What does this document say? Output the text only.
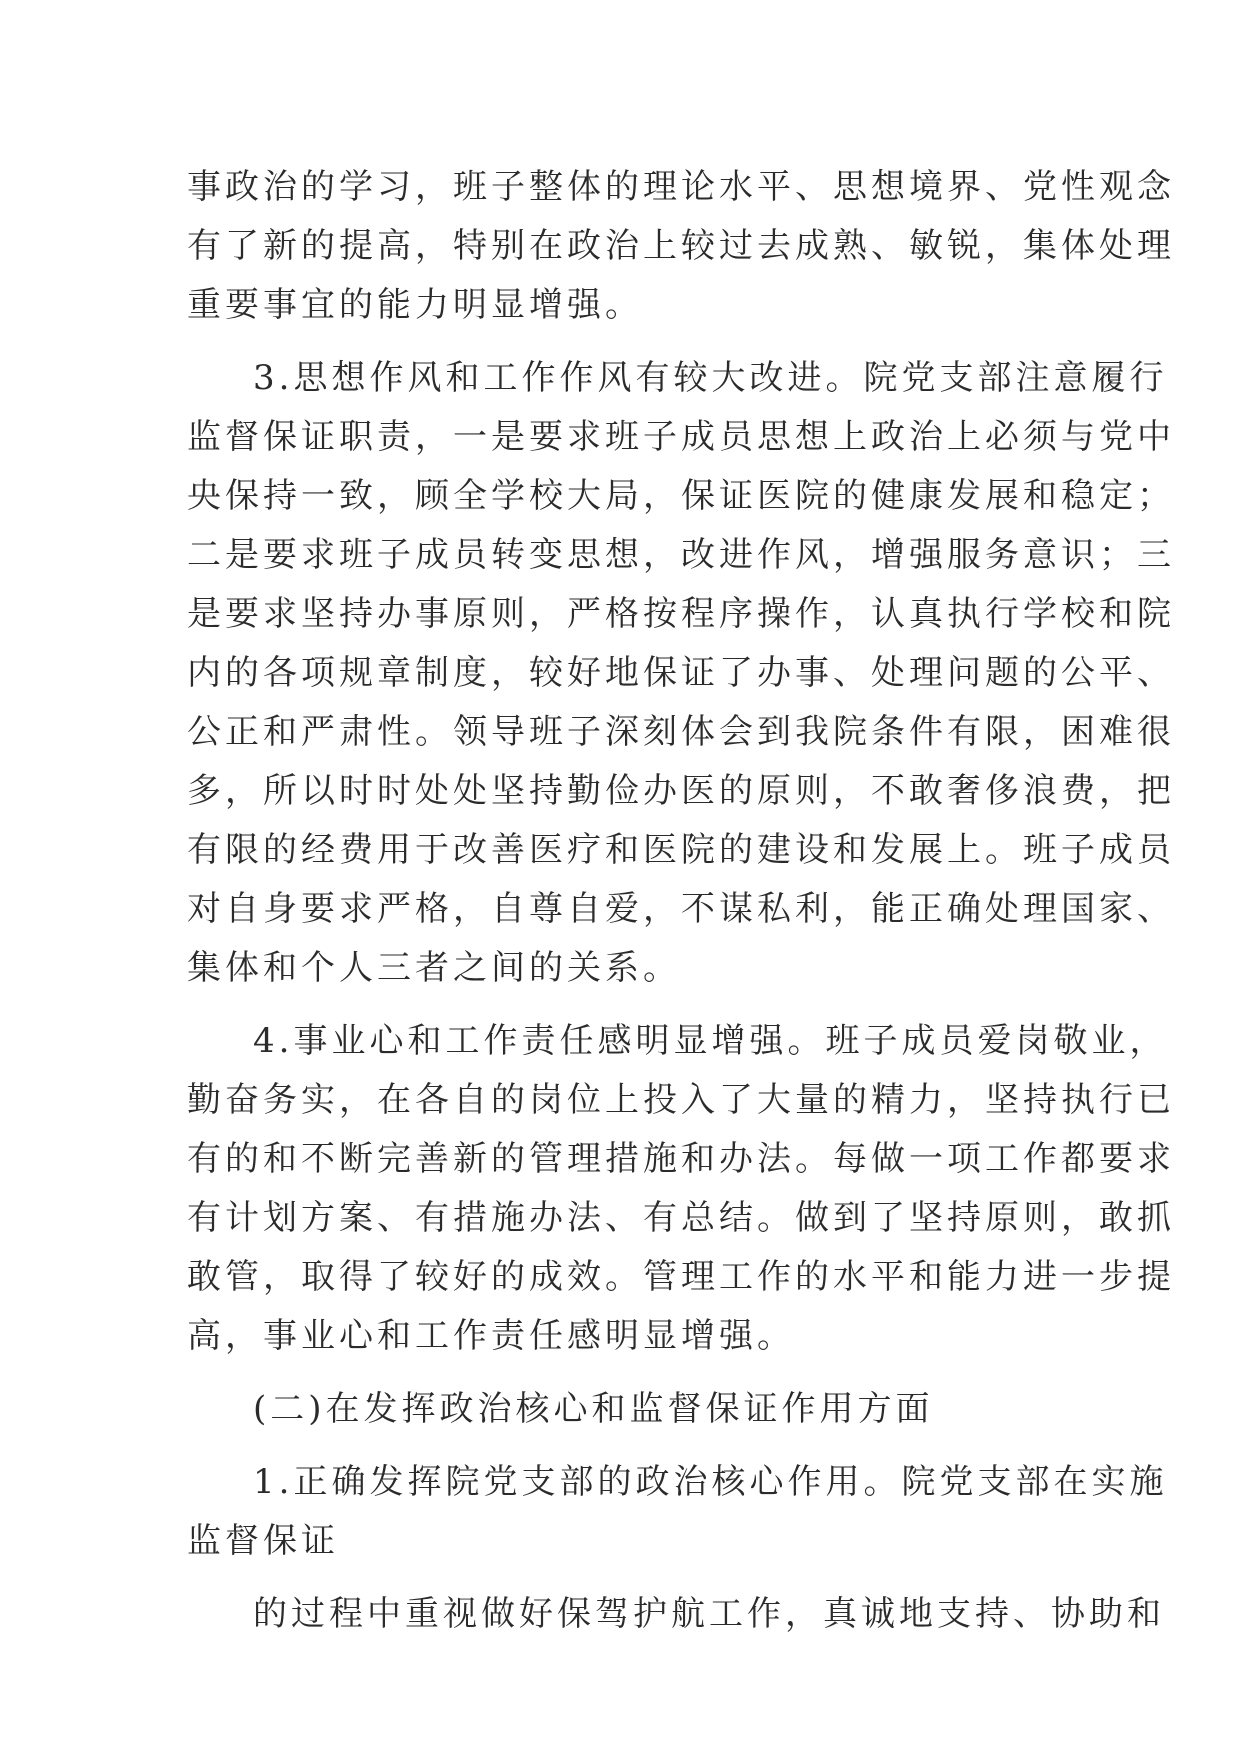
事政治的学习，班子整体的理论水平、思想境界、党性观念
有了新的提高，特别在政治上较过去成熟、敏锐，集体处理
重要事宜的能力明显增强。
3.思想作风和工作作风有较大改进。院党支部注意履行
监督保证职责，一是要求班子成员思想上政治上必须与党中
央保持一致，顾全学校大局，保证医院的健康发展和稳定；
二是要求班子成员转变思想，改进作风，增强服务意识；三
是要求坚持办事原则，严格按程序操作，认真执行学校和院
内的各项规章制度，较好地保证了办事、处理问题的公平、
公正和严肃性。领导班子深刻体会到我院条件有限，困难很
多，所以时时处处坚持勤俭办医的原则，不敢奢侈浪费，把
有限的经费用于改善医疗和医院的建设和发展上。班子成员
对自身要求严格，自尊自爱，不谋私利，能正确处理国家、
集体和个人三者之间的关系。
4.事业心和工作责任感明显增强。班子成员爱岗敬业，
勤奋务实，在各自的岗位上投入了大量的精力，坚持执行已
有的和不断完善新的管理措施和办法。每做一项工作都要求
有计划方案、有措施办法、有总结。做到了坚持原则，敢抓
敢管，取得了较好的成效。管理工作的水平和能力进一步提
高，事业心和工作责任感明显增强。
(二)在发挥政治核心和监督保证作用方面
1.正确发挥院党支部的政治核心作用。院党支部在实施
监督保证
的过程中重视做好保驾护航工作，真诚地支持、协助和
